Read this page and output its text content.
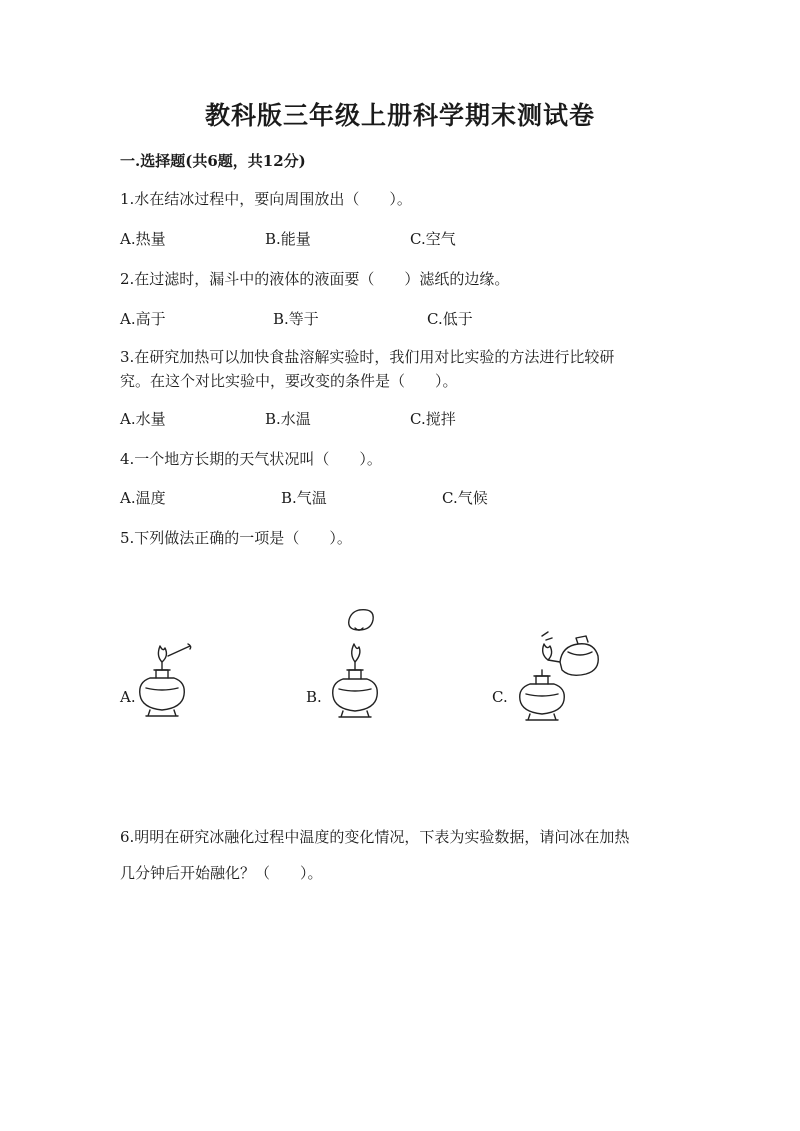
教科版三年级上册科学期末测试卷
一.选择题(共6题，共12分)
1.水在结冰过程中，要向周围放出（　　）。
A.热量	B.能量	C.空气
2.在过滤时，漏斗中的液体的液面要（　　）滤纸的边缘。
A.高于	B.等于	C.低于
3.在研究加热可以加快食盐溶解实验时，我们用对比实验的方法进行比较研
究。在这个对比实验中，要改变的条件是（　　）。
A.水量	B.水温	C.搅拌
4.一个地方长期的天气状况叫（　　）。
A.温度	B.气温	C.气候
5.下列做法正确的一项是（　　）。
A.	B.	C.
6.明明在研究冰融化过程中温度的变化情况，下表为实验数据，请问冰在加热
几分钟后开始融化？（　　）。
